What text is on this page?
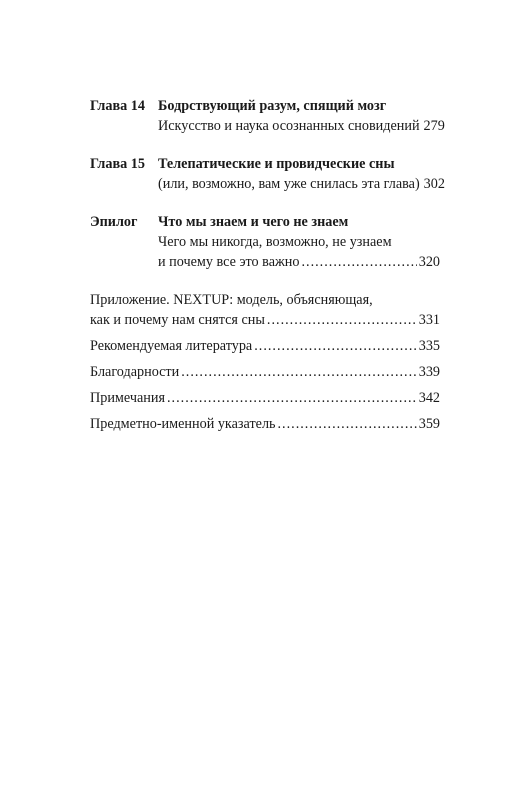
Глава 14 Бодрствующий разум, спящий мозг
Искусство и наука осознанных сновидений 279
Глава 15 Телепатические и провидческие сны
(или, возможно, вам уже снилась эта глава) 302
Эпилог	Что мы знаем и чего не знаем
Чего мы никогда, возможно, не узнаем
и почему все это важно .....	320
Приложение. NEXTUP: модель, объясняющая,
как и почему нам снятся сны .....	331
Рекомендуемая литература .....	335
Благодарности .....	339
Примечания .....	342
Предметно-именной указатель .....	359
